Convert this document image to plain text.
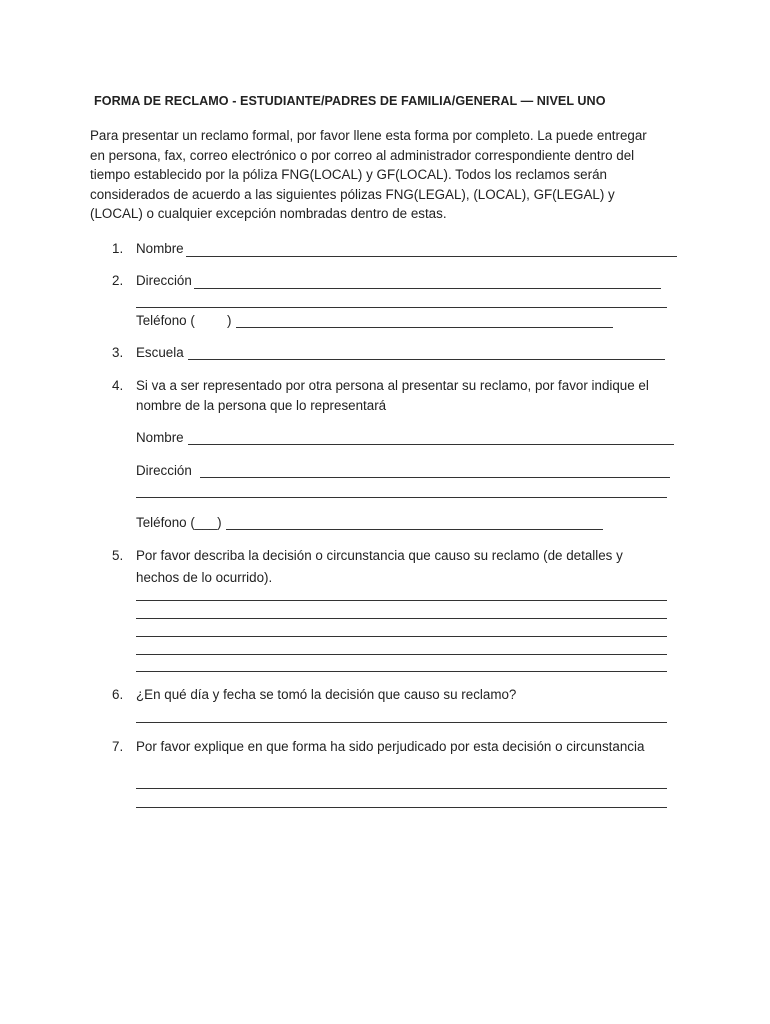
FORMA DE RECLAMO - ESTUDIANTE/PADRES DE FAMILIA/GENERAL — NIVEL UNO
Para presentar un reclamo formal, por favor llene esta forma por completo. La puede entregar
en persona, fax, correo electrónico o por correo al administrador correspondiente dentro del
tiempo establecido por la póliza FNG(LOCAL) y GF(LOCAL). Todos los reclamos serán
considerados de acuerdo a las siguientes pólizas FNG(LEGAL), (LOCAL), GF(LEGAL) y
(LOCAL) o cualquier excepción nombradas dentro de estas.
1. Nombre
2. Dirección
Teléfono ( )
3. Escuela
4. Si va a ser representado por otra persona al presentar su reclamo, por favor indique el
nombre de la persona que lo representará
Nombre
Dirección
Teléfono (___)
5. Por favor describa la decisión o circunstancia que causo su reclamo (de detalles y
hechos de lo ocurrido).
6. ¿En qué día y fecha se tomó la decisión que causo su reclamo?
7. Por favor explique en que forma ha sido perjudicado por esta decisión o circunstancia
